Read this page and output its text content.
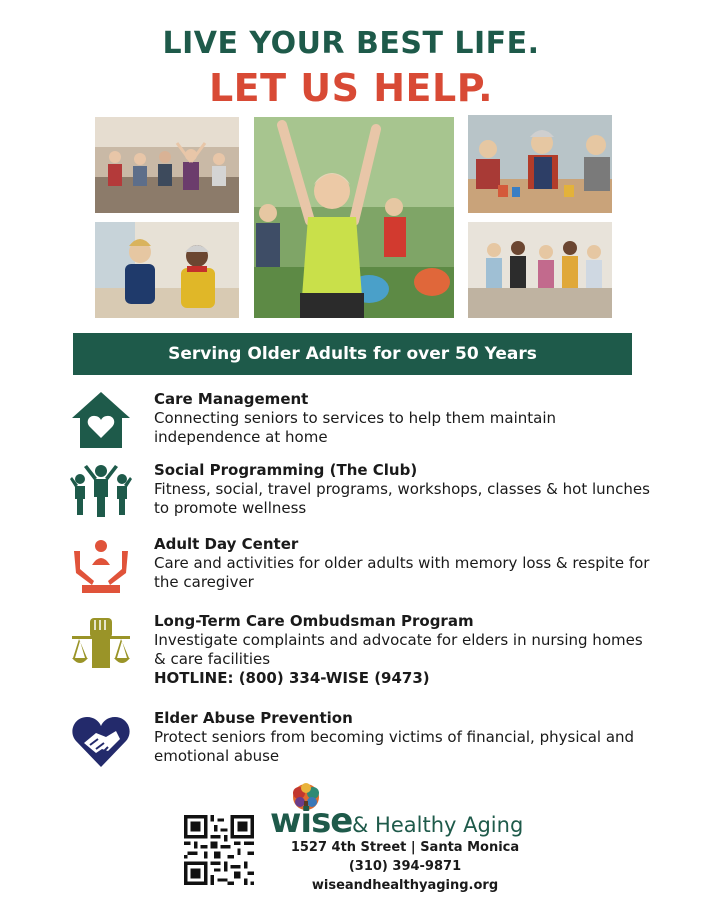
LIVE YOUR BEST LIFE.
LET US HELP.
Serving Older Adults for over 50 Years
Care Management
Connecting seniors to services to help them maintain independence at home
Social Programming (The Club)
Fitness, social, travel programs, workshops, classes & hot lunches to promote wellness
Adult Day Center
Care and activities for older adults with memory loss & respite for the caregiver
Long-Term Care Ombudsman Program
Investigate complaints and advocate for elders in nursing homes & care facilities
HOTLINE: (800) 334-WISE (9473)
Elder Abuse Prevention
Protect seniors from becoming victims of financial, physical and emotional abuse
wise & Healthy Aging
1527 4th Street | Santa Monica
(310) 394-9871
wiseandhealthyaging.org
